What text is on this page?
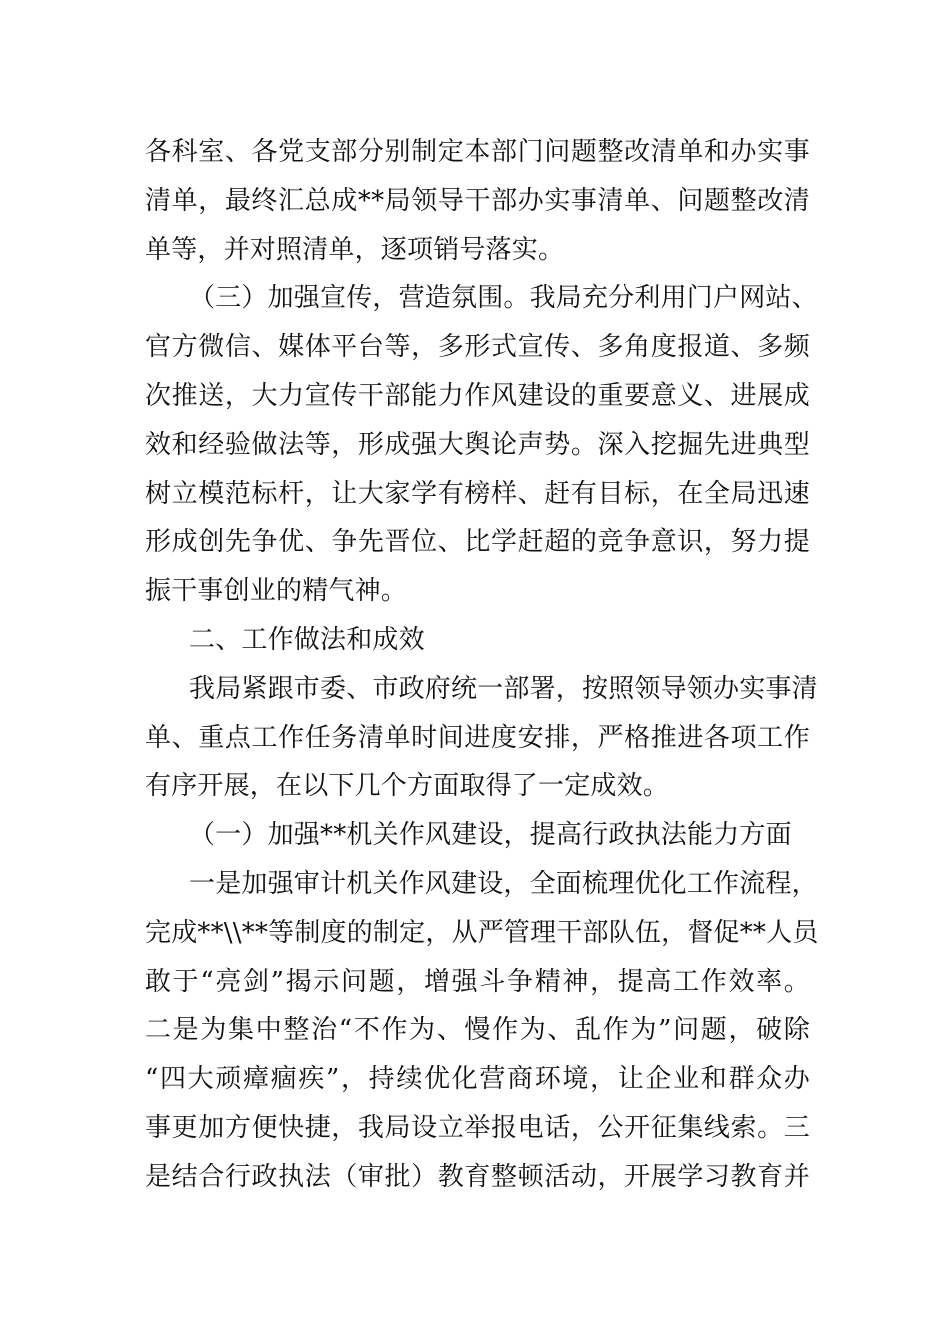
各科室、各党支部分别制定本部门问题整改清单和办实事
清单，最终汇总成**局领导干部办实事清单、问题整改清
单等，并对照清单，逐项销号落实。
（三）加强宣传，营造氛围。我局充分利用门户网站、
官方微信、媒体平台等，多形式宣传、多角度报道、多频
次推送，大力宣传干部能力作风建设的重要意义、进展成
效和经验做法等，形成强大舆论声势。深入挖掘先进典型
树立模范标杆，让大家学有榜样、赶有目标，在全局迅速
形成创先争优、争先晋位、比学赶超的竞争意识，努力提
振干事创业的精气神。
二、工作做法和成效
我局紧跟市委、市政府统一部署，按照领导领办实事清
单、重点工作任务清单时间进度安排，严格推进各项工作
有序开展，在以下几个方面取得了一定成效。
（一）加强**机关作风建设，提高行政执法能力方面
一是加强审计机关作风建设，全面梳理优化工作流程，
完成**\\**等制度的制定，从严管理干部队伍，督促**人员
敢于“亮剑”揭示问题，增强斗争精神，提高工作效率。
二是为集中整治“不作为、慢作为、乱作为”问题，破除
“四大顽瘴痼疾”，持续优化营商环境，让企业和群众办
事更加方便快捷，我局设立举报电话，公开征集线索。三
是结合行政执法（审批）教育整顿活动，开展学习教育并
